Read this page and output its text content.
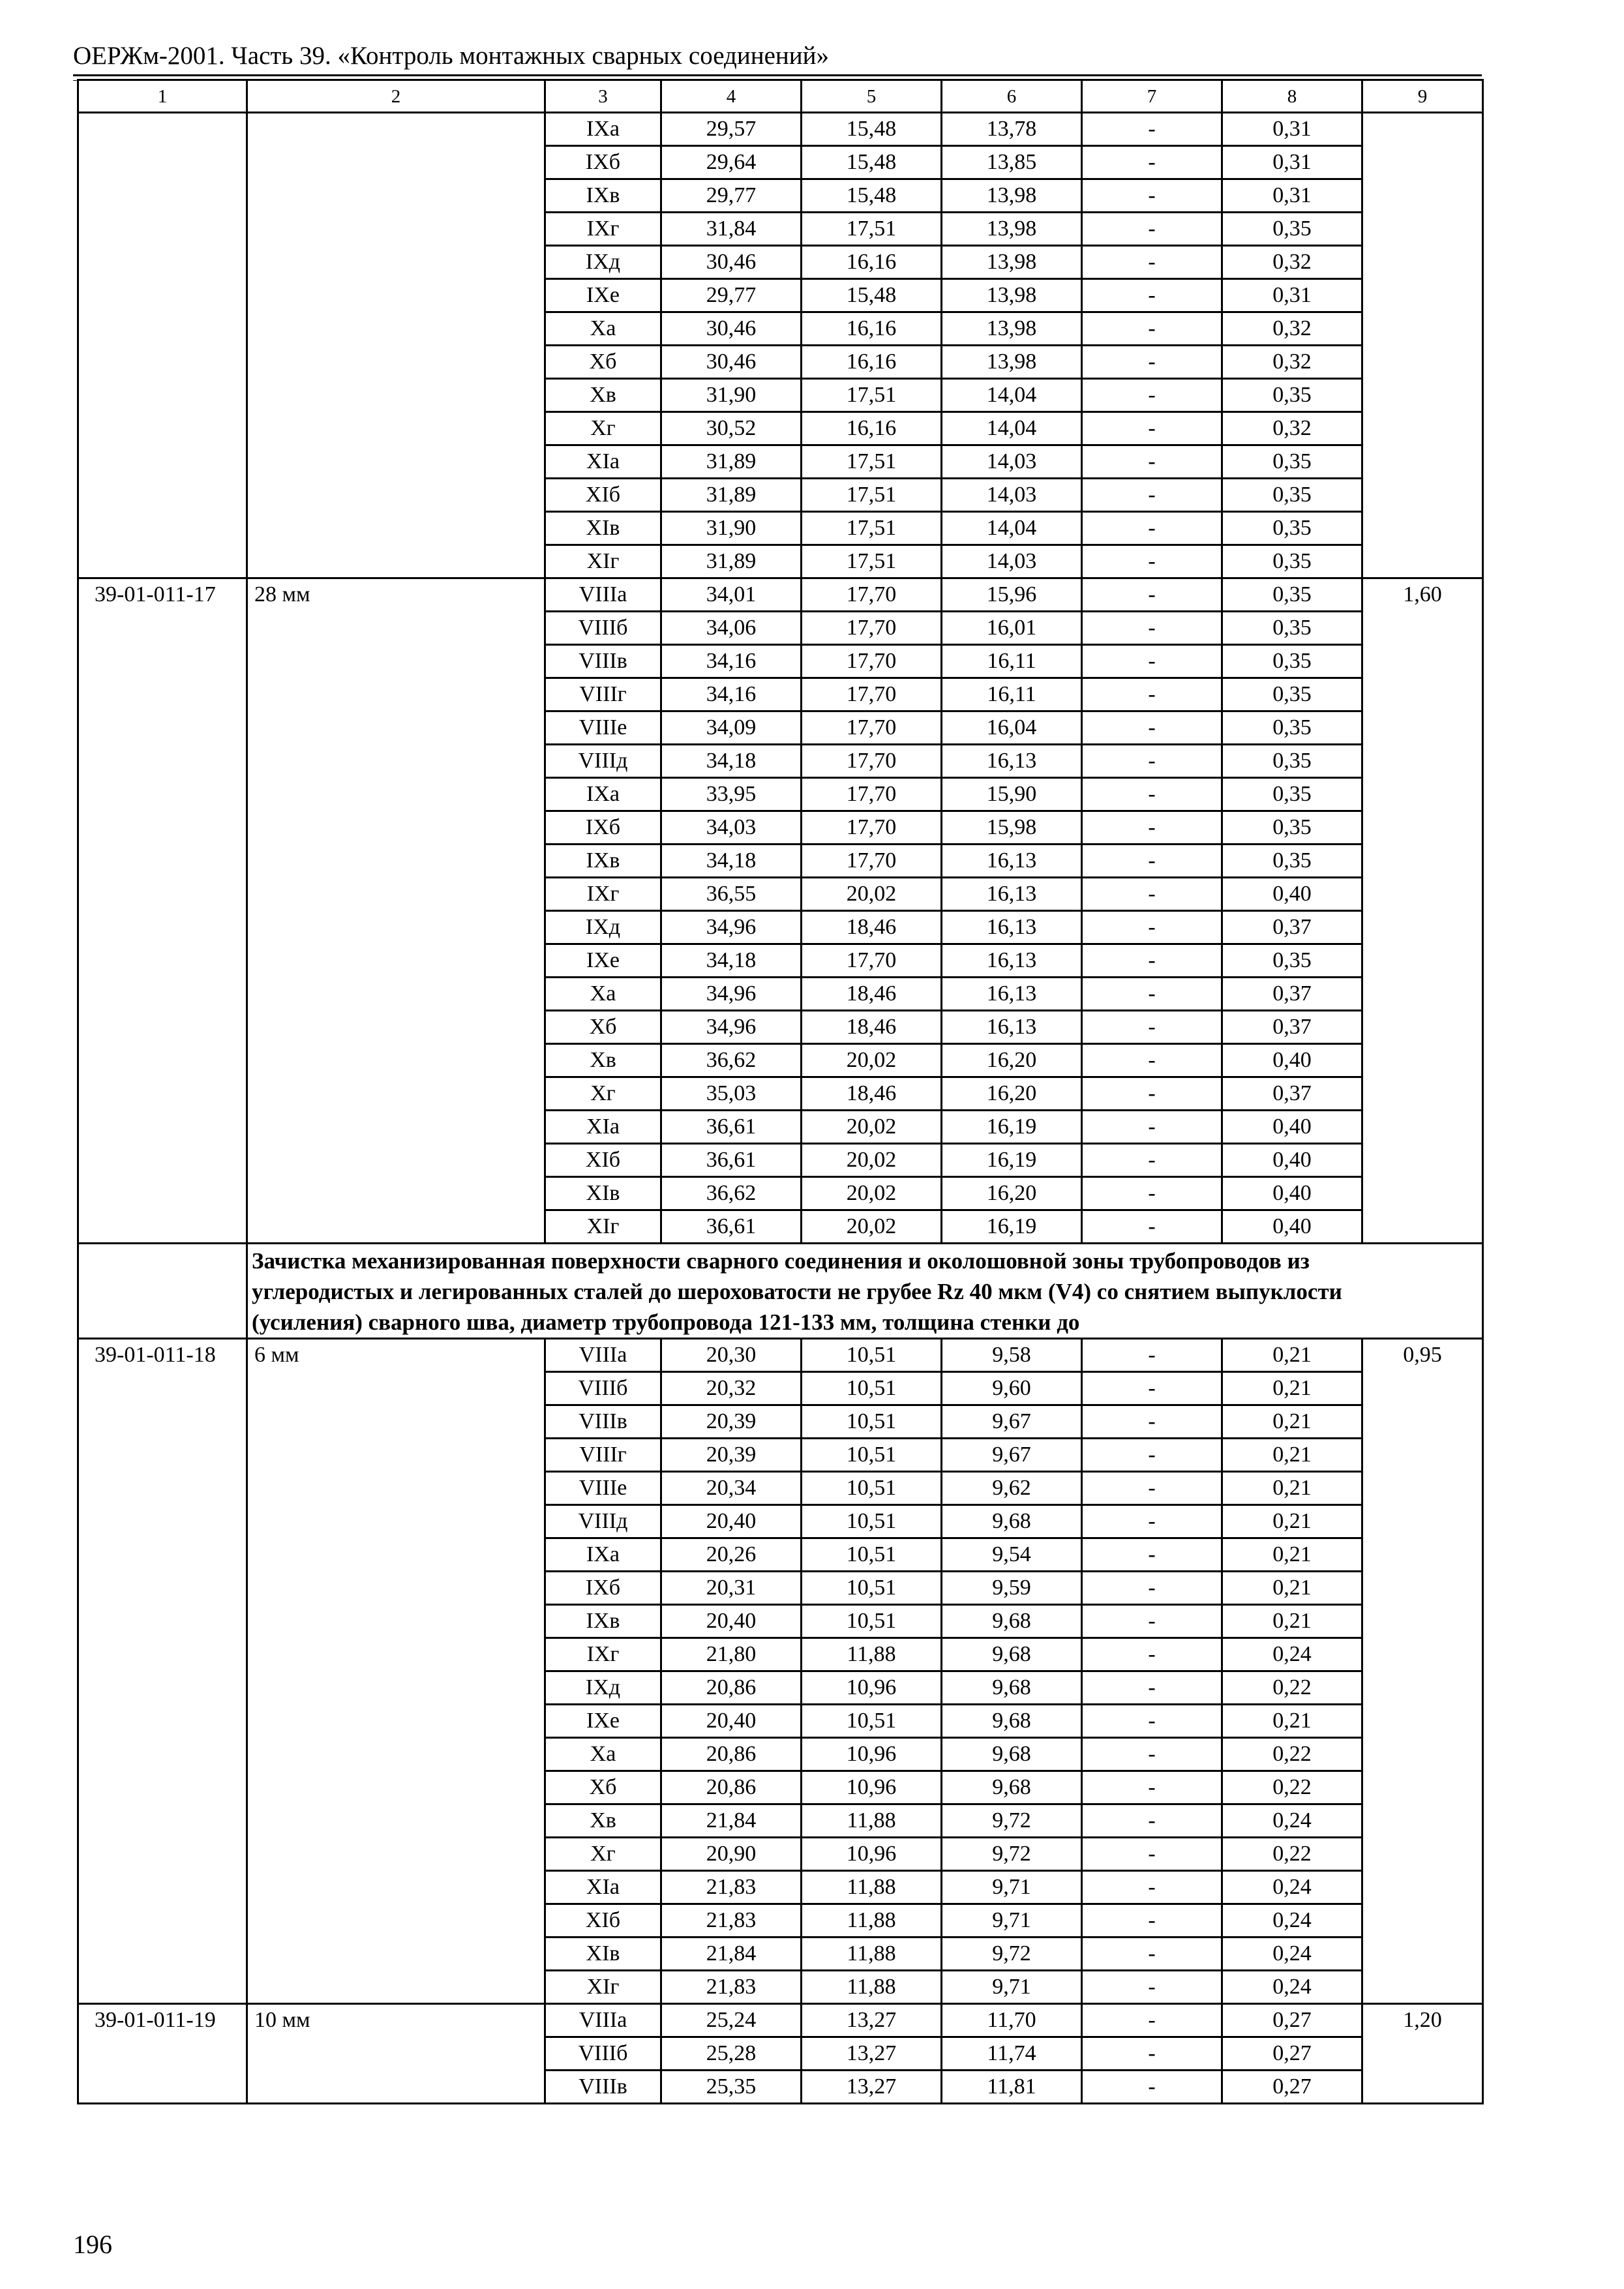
ОЕРЖм-2001. Часть 39. «Контроль монтажных сварных соединений»
1	2	3	4	5	6	7	8	9
		IXа	29,57	15,48	13,78	-	0,31	
		IXб	29,64	15,48	13,85	-	0,31	
		IXв	29,77	15,48	13,98	-	0,31	
		IXг	31,84	17,51	13,98	-	0,35	
		IXд	30,46	16,16	13,98	-	0,32	
		IXе	29,77	15,48	13,98	-	0,31	
		Xа	30,46	16,16	13,98	-	0,32	
		Xб	30,46	16,16	13,98	-	0,32	
		Xв	31,90	17,51	14,04	-	0,35	
		Xг	30,52	16,16	14,04	-	0,32	
		XIа	31,89	17,51	14,03	-	0,35	
		XIб	31,89	17,51	14,03	-	0,35	
		XIв	31,90	17,51	14,04	-	0,35	
		XIг	31,89	17,51	14,03	-	0,35	
39-01-011-17	28 мм	VIIIа	34,01	17,70	15,96	-	0,35	1,60
		VIIIб	34,06	17,70	16,01	-	0,35	
		VIIIв	34,16	17,70	16,11	-	0,35	
		VIIIг	34,16	17,70	16,11	-	0,35	
		VIIIе	34,09	17,70	16,04	-	0,35	
		VIIIд	34,18	17,70	16,13	-	0,35	
		IXа	33,95	17,70	15,90	-	0,35	
		IXб	34,03	17,70	15,98	-	0,35	
		IXв	34,18	17,70	16,13	-	0,35	
		IXг	36,55	20,02	16,13	-	0,40	
		IXд	34,96	18,46	16,13	-	0,37	
		IXе	34,18	17,70	16,13	-	0,35	
		Xа	34,96	18,46	16,13	-	0,37	
		Xб	34,96	18,46	16,13	-	0,37	
		Xв	36,62	20,02	16,20	-	0,40	
		Xг	35,03	18,46	16,20	-	0,37	
		XIа	36,61	20,02	16,19	-	0,40	
		XIб	36,61	20,02	16,19	-	0,40	
		XIв	36,62	20,02	16,20	-	0,40	
		XIг	36,61	20,02	16,19	-	0,40	
	Зачистка механизированная поверхности сварного соединения и околошовной зоны трубопроводов из углеродистых и легированных сталей до шероховатости не грубее Rz 40 мкм (V4) со снятием выпуклости (усиления) сварного шва, диаметр трубопровода 121-133 мм, толщина стенки до							
39-01-011-18	6 мм	VIIIа	20,30	10,51	9,58	-	0,21	0,95
		VIIIб	20,32	10,51	9,60	-	0,21	
		VIIIв	20,39	10,51	9,67	-	0,21	
		VIIIг	20,39	10,51	9,67	-	0,21	
		VIIIе	20,34	10,51	9,62	-	0,21	
		VIIIд	20,40	10,51	9,68	-	0,21	
		IXа	20,26	10,51	9,54	-	0,21	
		IXб	20,31	10,51	9,59	-	0,21	
		IXв	20,40	10,51	9,68	-	0,21	
		IXг	21,80	11,88	9,68	-	0,24	
		IXд	20,86	10,96	9,68	-	0,22	
		IXе	20,40	10,51	9,68	-	0,21	
		Xа	20,86	10,96	9,68	-	0,22	
		Xб	20,86	10,96	9,68	-	0,22	
		Xв	21,84	11,88	9,72	-	0,24	
		Xг	20,90	10,96	9,72	-	0,22	
		XIа	21,83	11,88	9,71	-	0,24	
		XIб	21,83	11,88	9,71	-	0,24	
		XIв	21,84	11,88	9,72	-	0,24	
		XIг	21,83	11,88	9,71	-	0,24	
39-01-011-19	10 мм	VIIIа	25,24	13,27	11,70	-	0,27	1,20
		VIIIб	25,28	13,27	11,74	-	0,27	
		VIIIв	25,35	13,27	11,81	-	0,27	
196
